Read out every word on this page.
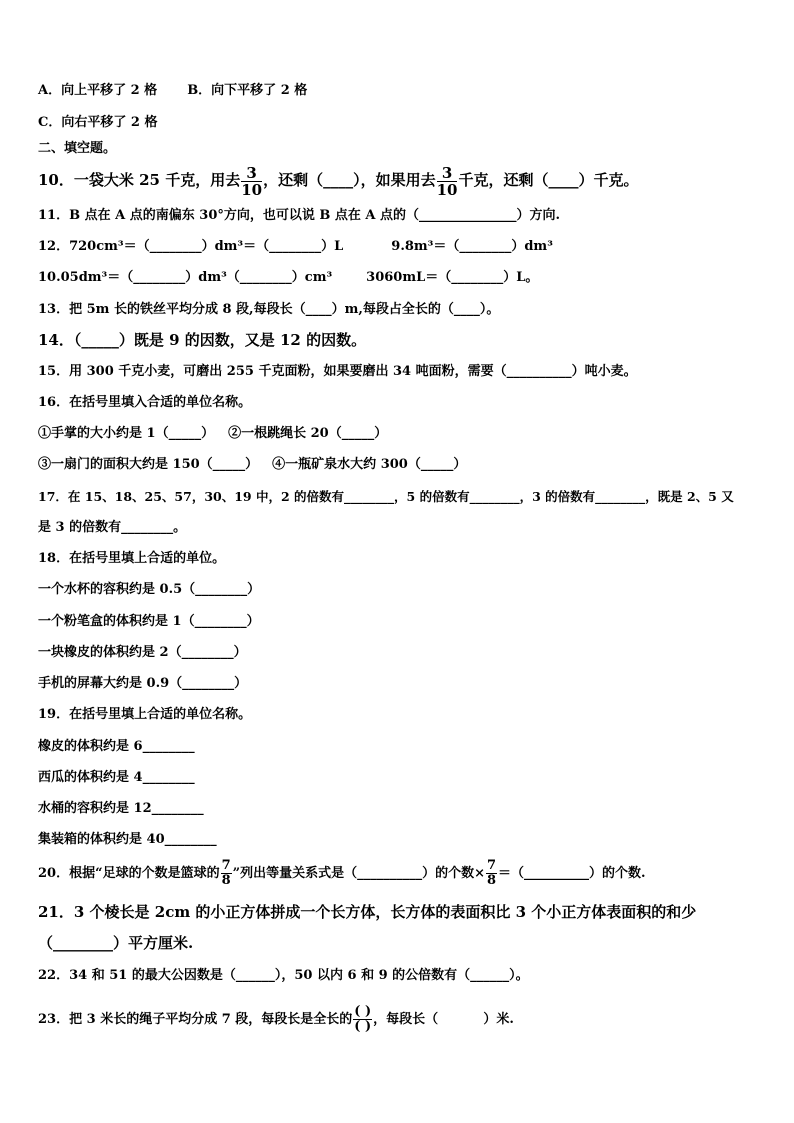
A．向上平移了 2 格 B．向下平移了 2 格
C．向右平移了 2 格
二、填空题。
10．一袋大米 25 千克，用去 $\frac{3}{10}$ ，还剩（____），如果用去 $\frac{3}{10}$ 千克，还剩（____）千克。
11．B 点在 A 点的南偏东 30°方向，也可以说 B 点在 A 点的（_______________）方向.
12．720cm³＝（________）dm³＝（________）L	9.8m³＝（________）dm³
10.05dm³＝（________）dm³（________）cm³	3060mL＝（________）L。
13．把 5m 长的铁丝平均分成 8 段,每段长（____）m,每段占全长的（____）。
14．（_____）既是 9 的因数，又是 12 的因数。
15．用 300 千克小麦，可磨出 255 千克面粉，如果要磨出 34 吨面粉，需要（__________）吨小麦。
16．在括号里填入合适的单位名称。
①手掌的大小约是 1（_____） ②一根跳绳长 20（_____）
③一扇门的面积大约是 150（_____） ④一瓶矿泉水大约 300（_____）
17．在 15、18、25、57，30、19 中，2 的倍数有________，5 的倍数有________，3 的倍数有________，既是 2、5 又
是 3 的倍数有________。
18．在括号里填上合适的单位。
一个水杯的容积约是 0.5（________）
一个粉笔盒的体积约是 1（________）
一块橡皮的体积约是 2（________）
手机的屏幕大约是 0.9（________）
19．在括号里填上合适的单位名称。
橡皮的体积约是 6________
西瓜的体积约是 4________
水桶的容积约是 12________
集装箱的体积约是 40________
20．根据“足球的个数是篮球的 $\frac{7}{8}$ ”列出等量关系式是（__________）的个数× $\frac{7}{8}$ ＝（__________）的个数.
21．3 个棱长是 2cm 的小正方体拼成一个长方体，长方体的表面积比 3 个小正方体表面积的和少
（________）平方厘米.
22．34 和 51 的最大公因数是（______），50 以内 6 和 9 的公倍数有（______）。
23．把 3 米长的绳子平均分成 7 段，每段长是全长的 $\frac{( )}{( )}$ ，每段长（          ）米.
